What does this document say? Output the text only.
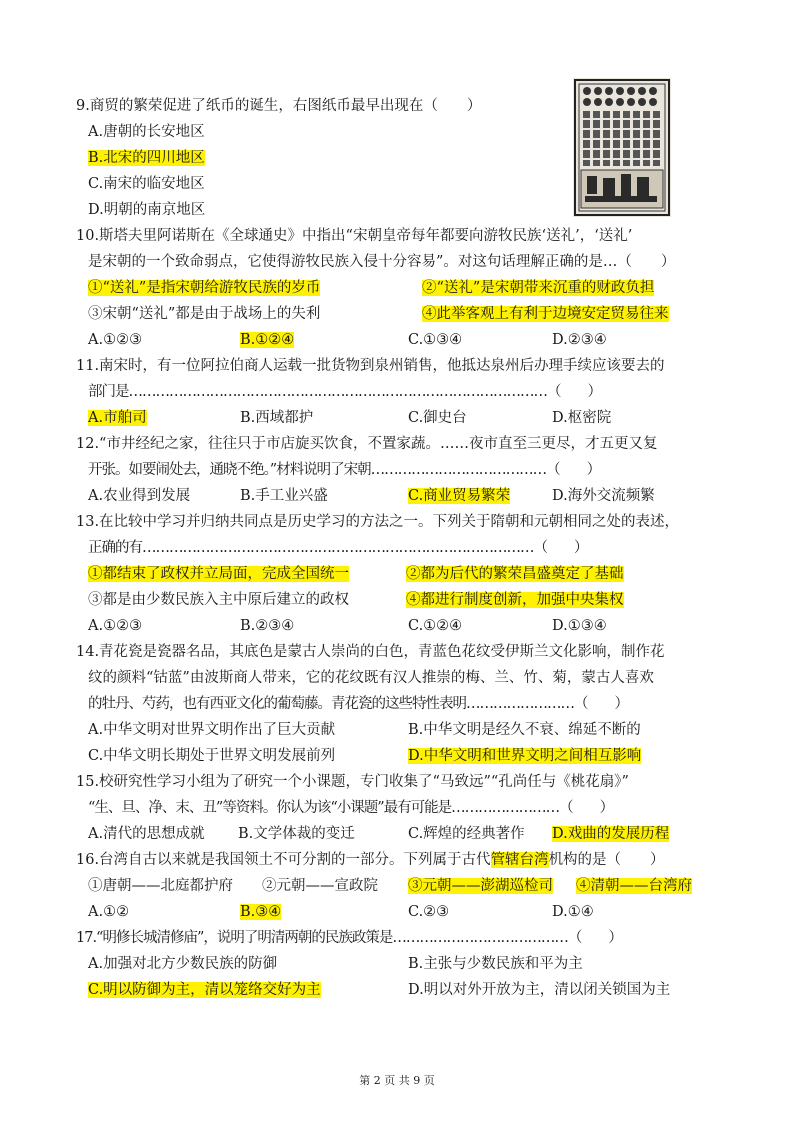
9.商贸的繁荣促进了纸币的诞生，右图纸币最早出现在（　　）
A.唐朝的长安地区
B.北宋的四川地区
C.南宋的临安地区
D.明朝的南京地区
10.斯塔夫里阿诺斯在《全球通史》中指出“宋朝皇帝每年都要向游牧民族‘送礼’，‘送礼’
是宋朝的一个致命弱点，它使得游牧民族入侵十分容易”。对这句话理解正确的是…（　　）
①“送礼”是指宋朝给游牧民族的岁币	②“送礼”是宋朝带来沉重的财政负担
③宋朝“送礼”都是由于战场上的失利	④此举客观上有利于边境安定贸易往来
A.①②③	B.①②④	C.①③④	D.②③④
11.南宋时，有一位阿拉伯商人运载一批货物到泉州销售，他抵达泉州后办理手续应该要去的
部门是…………………………………………………………………………………（　　）
A.市舶司	B.西域都护	C.御史台	D.枢密院
12.“市井经纪之家，往往只于市店旋买饮食，不置家蔬。……夜市直至三更尽，才五更又复
开张。如要闹处去，通晓不绝。”材料说明了宋朝…………………………………（　　）
A.农业得到发展	B.手工业兴盛	C.商业贸易繁荣	D.海外交流频繁
13.在比较中学习并归纳共同点是历史学习的方法之一。下列关于隋朝和元朝相同之处的表述，
正确的有……………………………………………………………………………（　　）
①都结束了政权并立局面，完成全国统一	②都为后代的繁荣昌盛奠定了基础
③都是由少数民族入主中原后建立的政权	④都进行制度创新，加强中央集权
A.①②③	B.②③④	C.①②④	D.①③④
14.青花瓷是瓷器名品，其底色是蒙古人崇尚的白色，青蓝色花纹受伊斯兰文化影响，制作花
纹的颜料“钴蓝”由波斯商人带来，它的花纹既有汉人推崇的梅、兰、竹、菊，蒙古人喜欢
的牡丹、芍药，也有西亚文化的葡萄藤。青花瓷的这些特性表明……………………（　　）
A.中华文明对世界文明作出了巨大贡献	B.中华文明是经久不衰、绵延不断的
C.中华文明长期处于世界文明发展前列	D.中华文明和世界文明之间相互影响
15.校研究性学习小组为了研究一个小课题，专门收集了“马致远”“孔尚任与《桃花扇》”
“生、旦、净、末、丑”等资料。你认为该“小课题”最有可能是……………………（　　）
A.清代的思想成就 B.文学体裁的变迁	C.辉煌的经典著作 D.戏曲的发展历程
16.台湾自古以来就是我国领土不可分割的一部分。下列属于古代管辖台湾机构的是（　　）
①唐朝——北庭都护府 ②元朝——宣政院 ③元朝——澎湖巡检司 ④清朝——台湾府
A.①②	B.③④	C.②③	D.①④
17.“明修长城清修庙”，说明了明清两朝的民族政策是…………………………………（　　）
A.加强对北方少数民族的防御	B.主张与少数民族和平为主
C.明以防御为主，清以笼络交好为主	D.明以对外开放为主，清以闭关锁国为主
第 2 页 共 9 页
